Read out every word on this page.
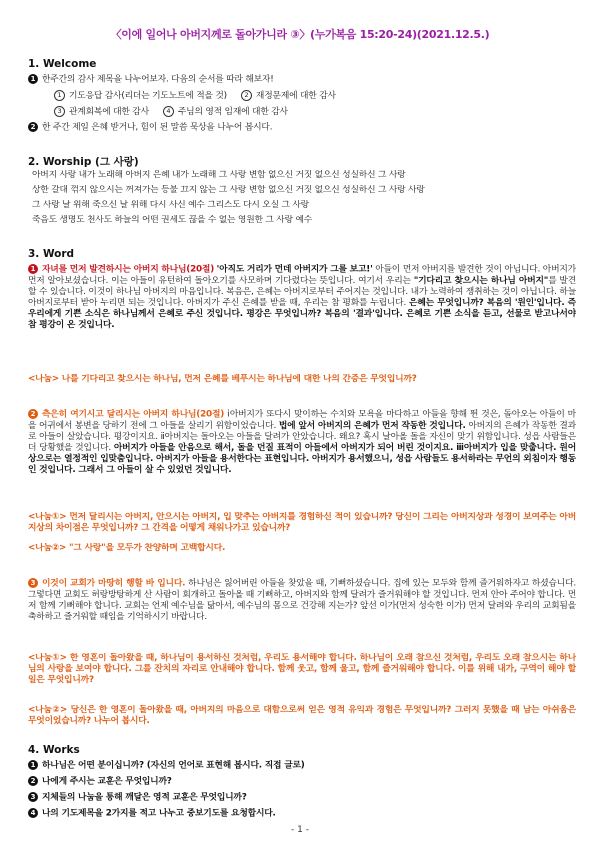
〈이에 일어나 아버지께로 돌아가니라 ③〉(누가복음 15:20-24)(2021.12.5.)
1. Welcome
1 한주간의 감사 제목을 나누어보자. 다음의 순서를 따라 해보자!
1 기도응답 감사(리더는 기도노트에 적을 것)	2 재정문제에 대한 감사
3 관계회복에 대한 감사	4 주님의 영적 임재에 대한 감사
2 한 주간 제일 은혜 받거나, 힘이 된 말씀 묵상을 나누어 봅시다.
2. Worship (그 사랑)
아버지 사랑 내가 노래해 아버지 은혜 내가 노래해 그 사랑 변함 없으신 거짓 없으신 성실하신 그 사랑
상한 갈대 꺾지 않으시는 꺼져가는 등불 끄지 않는 그 사랑 변함 없으신 거짓 없으신 성실하신 그 사랑 사랑
그 사랑 날 위해 죽으신 날 위해 다시 사신 예수 그리스도 다시 오실 그 사랑
죽음도 생명도 천사도 하늘의 어떤 권세도 끊을 수 없는 영원한 그 사랑 예수
3. Word
1 자녀를 먼저 발견하시는 아버지 하나님(20절) '아직도 거리가 먼데 아버지가 그를 보고!' 아들이 먼저 아버지를 발견한 것이 아닙니다. 아버지가 먼저 알아보셨습니다. 이는 아들이 유턴하여 돌아오기를 사모하며 기다렸다는 뜻입니다. 여기서 우리는 "기다리고 찾으시는 하나님 아버지"를 발견할 수 있습니다. 이것이 하나님 아버지의 마음입니다. 복음은, 은혜는 아버지로부터 주어지는 것입니다. 내가 노력하여 쟁취하는 것이 아닙니다. 하늘 아버지로부터 받아 누리면 되는 것입니다. 아버지가 주신 은혜를 받을 때, 우리는 참 평화를 누립니다. 은혜는 무엇입니까? 복음의 '원인'입니다. 즉 우리에게 기쁜 소식은 하나님께서 은혜로 주신 것입니다. 평강은 무엇입니까? 복음의 '결과'입니다. 은혜로 기쁜 소식을 듣고, 선물로 받고나서야 참 평강이 온 것입니다.
<나눔> 나를 기다리고 찾으시는 하나님, 먼저 은혜를 베푸시는 하나님에 대한 나의 간증은 무엇입니까?
2 측은히 여기시고 달리시는 아버지 하나님(20절) ⅰ아버지가 또다시 맞이하는 수치와 모욕을 마다하고 아들을 향해 뛴 것은, 돌아오는 아들이 마을 어귀에서 봉변을 당하기 전에 그 아들을 살리기 위함이었습니다. 법에 앞서 아버지의 은혜가 먼저 작동한 것입니다. 아버지의 은혜가 작동한 결과로 아들이 살았습니다. 평강이지요. ⅱ아버지는 돌아오는 아들을 달려가 안았습니다. 왜요? 혹시 날아올 돌을 자신이 맞기 위함입니다. 성읍 사람들은 더 당황했을 것입니다. 아버지가 아들을 안음으로 해서, 돌을 던질 표적이 아들에서 아버지가 되어 버린 것이지요. ⅲ아버지가 입을 맞춥니다. 원어상으로는 열정적인 입맞춤입니다. 아버지가 아들을 용서한다는 표현입니다. 아버지가 용서했으니, 성읍 사람들도 용서하라는 무언의 외침이자 행동인 것입니다. 그래서 그 아들이 살 수 있었던 것입니다.
<나눔①> 먼저 달리시는 아버지, 안으시는 아버지, 입 맞추는 아버지를 경험하신 적이 있습니까? 당신이 그리는 아버지상과 성경이 보여주는 아버지상의 차이점은 무엇입니까? 그 간격을 어떻게 채워나가고 있습니까?
<나눔②> "그 사랑"을 모두가 찬양하며 고백합시다.
3 이것이 교회가 마땅히 행할 바 입니다. 하나님은 잃어버린 아들을 찾았을 때, 기뻐하셨습니다. 집에 있는 모두와 함께 즐거워하자고 하셨습니다. 그렇다면 교회도 허랑방탕하게 산 사람이 회개하고 돌아올 때 기뻐하고, 아버지와 함께 달려가 즐거워해야 할 것입니다. 먼저 안아 주어야 합니다. 먼저 함께 기뻐해야 합니다. 교회는 언제 예수님을 닮아서, 예수님의 몸으로 건강해 지는가? 앞선 이가(먼저 성숙한 이가) 먼저 달려와 우리의 교회됨을 축하하고 즐거워할 때임을 기억하시기 바랍니다.
<나눔①> 한 영혼이 돌아왔을 때, 하나님이 용서하신 것처럼, 우리도 용서해야 합니다. 하나님이 오래 참으신 것처럼, 우리도 오래 참으시는 하나님의 사랑을 보여야 합니다. 그를 잔치의 자리로 안내해야 합니다. 함께 웃고, 함께 울고, 함께 즐거워해야 합니다. 이를 위해 내가, 구역이 해야 할 일은 무엇입니까?
<나눔②> 당신은 한 영혼이 돌아왔을 때, 아버지의 마음으로 대함으로써 얻은 영적 유익과 경험은 무엇입니까? 그러지 못했을 때 남는 아쉬움은 무엇이었습니까? 나누어 봅시다.
4. Works
1 하나님은 어떤 분이십니까? (자신의 언어로 표현해 봅시다. 직접 글로)
2 나에게 주시는 교훈은 무엇입니까?
3 지체들의 나눔을 통해 깨달은 영적 교훈은 무엇입니까?
4 나의 기도제목을 2가지를 적고 나누고 중보기도를 요청합시다.
- 1 -
